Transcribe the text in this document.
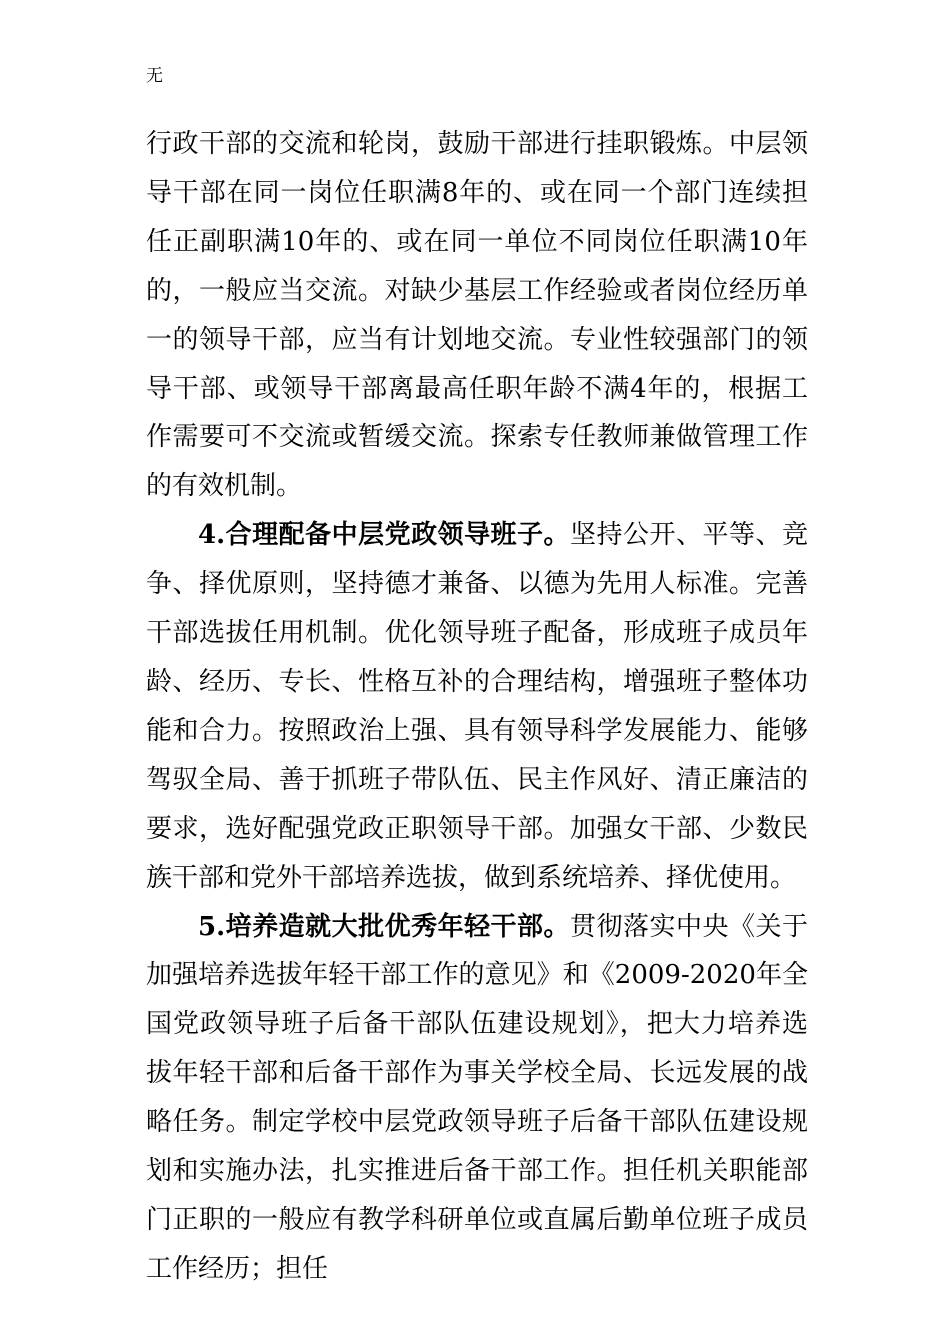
无

行政干部的交流和轮岗，鼓励干部进行挂职锻炼。中层领导干部在同一岗位任职满8年的、或在同一个部门连续担任正副职满10年的、或在同一单位不同岗位任职满10年的，一般应当交流。对缺少基层工作经验或者岗位经历单一的领导干部，应当有计划地交流。专业性较强部门的领导干部、或领导干部离最高任职年龄不满4年的，根据工作需要可不交流或暂缓交流。探索专任教师兼做管理工作的有效机制。

4.合理配备中层党政领导班子。坚持公开、平等、竞争、择优原则，坚持德才兼备、以德为先用人标准。完善干部选拔任用机制。优化领导班子配备，形成班子成员年龄、经历、专长、性格互补的合理结构，增强班子整体功能和合力。按照政治上强、具有领导科学发展能力、能够驾驭全局、善于抓班子带队伍、民主作风好、清正廉洁的要求，选好配强党政正职领导干部。加强女干部、少数民族干部和党外干部培养选拔，做到系统培养、择优使用。

5.培养造就大批优秀年轻干部。贯彻落实中央《关于加强培养选拔年轻干部工作的意见》和《2009-2020年全国党政领导班子后备干部队伍建设规划》，把大力培养选拔年轻干部和后备干部作为事关学校全局、长远发展的战略任务。制定学校中层党政领导班子后备干部队伍建设规划和实施办法，扎实推进后备干部工作。担任机关职能部门正职的一般应有教学科研单位或直属后勤单位班子成员工作经历；担任
